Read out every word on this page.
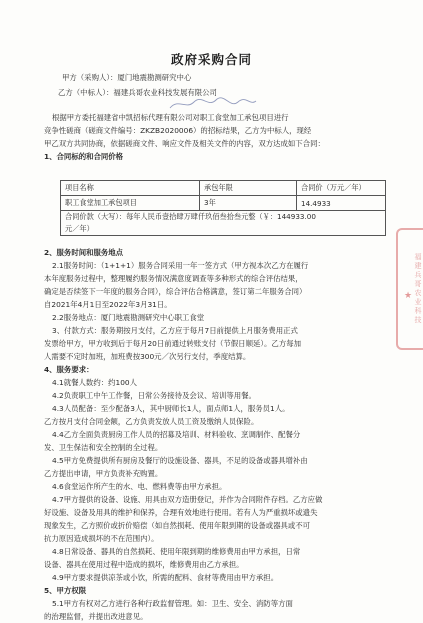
政府采购合同
甲方（采购人）：厦门地震勘测研究中心
乙方（中标人）：福建兵哥农业科技发展有限公司
根据甲方委托福建省中凯招标代理有限公司对职工食堂加工承包项目进行
竞争性磋商（磋商文件编号：ZKZB2020006）的招标结果，乙方为中标人，现经
甲乙双方共同协商，依据磋商文件、响应文件及相关文件的内容，双方达成如下合同：
1、合同标的和合同价格
项目名称	承包年限	合同价（万元／年）
职工食堂加工承包项目	3年	14.4933

合同价款（大写）：每年人民币壹拾肆万肆仟玖佰叁拾叁元整（￥：144933.00
元／年）		
2、服务时间和服务地点
2.1服务时间：（1+1+1）服务合同采用一年一签方式（甲方视本次乙方在履行
本年度服务过程中，整理履约服务情况满意度调查等多种形式的综合评估结果，
确定是否续签下一年度的服务合同），综合评估合格满意，签订第二年服务合同）
自2021年4月1日至2022年3月31日。
2.2服务地点：厦门地震勘测研究中心职工食堂
3、付款方式：服务期按月支付，乙方应于每月7日前提供上月服务费用正式
发票给甲方，甲方收到后于每月20日前通过转账支付（节假日顺延）。乙方每加
人需要不定时加班，加班费按300元／次另行支付，季度结算。
4、服务要求：
4.1就餐人数约：约100人
4.2负责职工中午工作餐，日常公务接待及会议、培训等用餐。
4.3人员配备：至少配备3人，其中厨师长1人，面点师1人，服务员1人。
乙方按月支付合同金额，乙方负责发放人员工资及缴纳人员保险。
4.4乙方全面负责厨房工作人员的招募及培训、材料验收、烹调制作、配餐分
发、卫生保洁和安全控制的全过程。
4.5甲方免费提供所有厨房及餐厅的设施设备、器具，不足的设备或器具增补由
乙方提出申请，甲方负责补充购置。
4.6食堂运作所产生的水、电、燃料费等由甲方承担。
4.7甲方提供的设备、设施、用具由双方造册登记，并作为合同附件存档。乙方应做
好设施、设备及用具的维护和保养，合理有效地进行使用。若有人为严重损坏或遗失
现象发生，乙方照价或折价赔偿（如自然损耗、使用年限到期的设备或器具或不可
抗力原因造成损坏的不在范围内）。
4.8日常设备、器具的自然损耗、使用年限到期的维修费用由甲方承担，日常
设备、器具在使用过程中造成的损坏，维修费用由乙方承担。
4.9甲方要求提供凉茶或小饮，所需的配料、食材等费用由甲方承担。
5、甲方权限
5.1甲方有权对乙方进行各种行政监督管理。如：卫生、安全、消防等方面
的治理监督，并提出改进意见。
福建兵哥农业科技
★
